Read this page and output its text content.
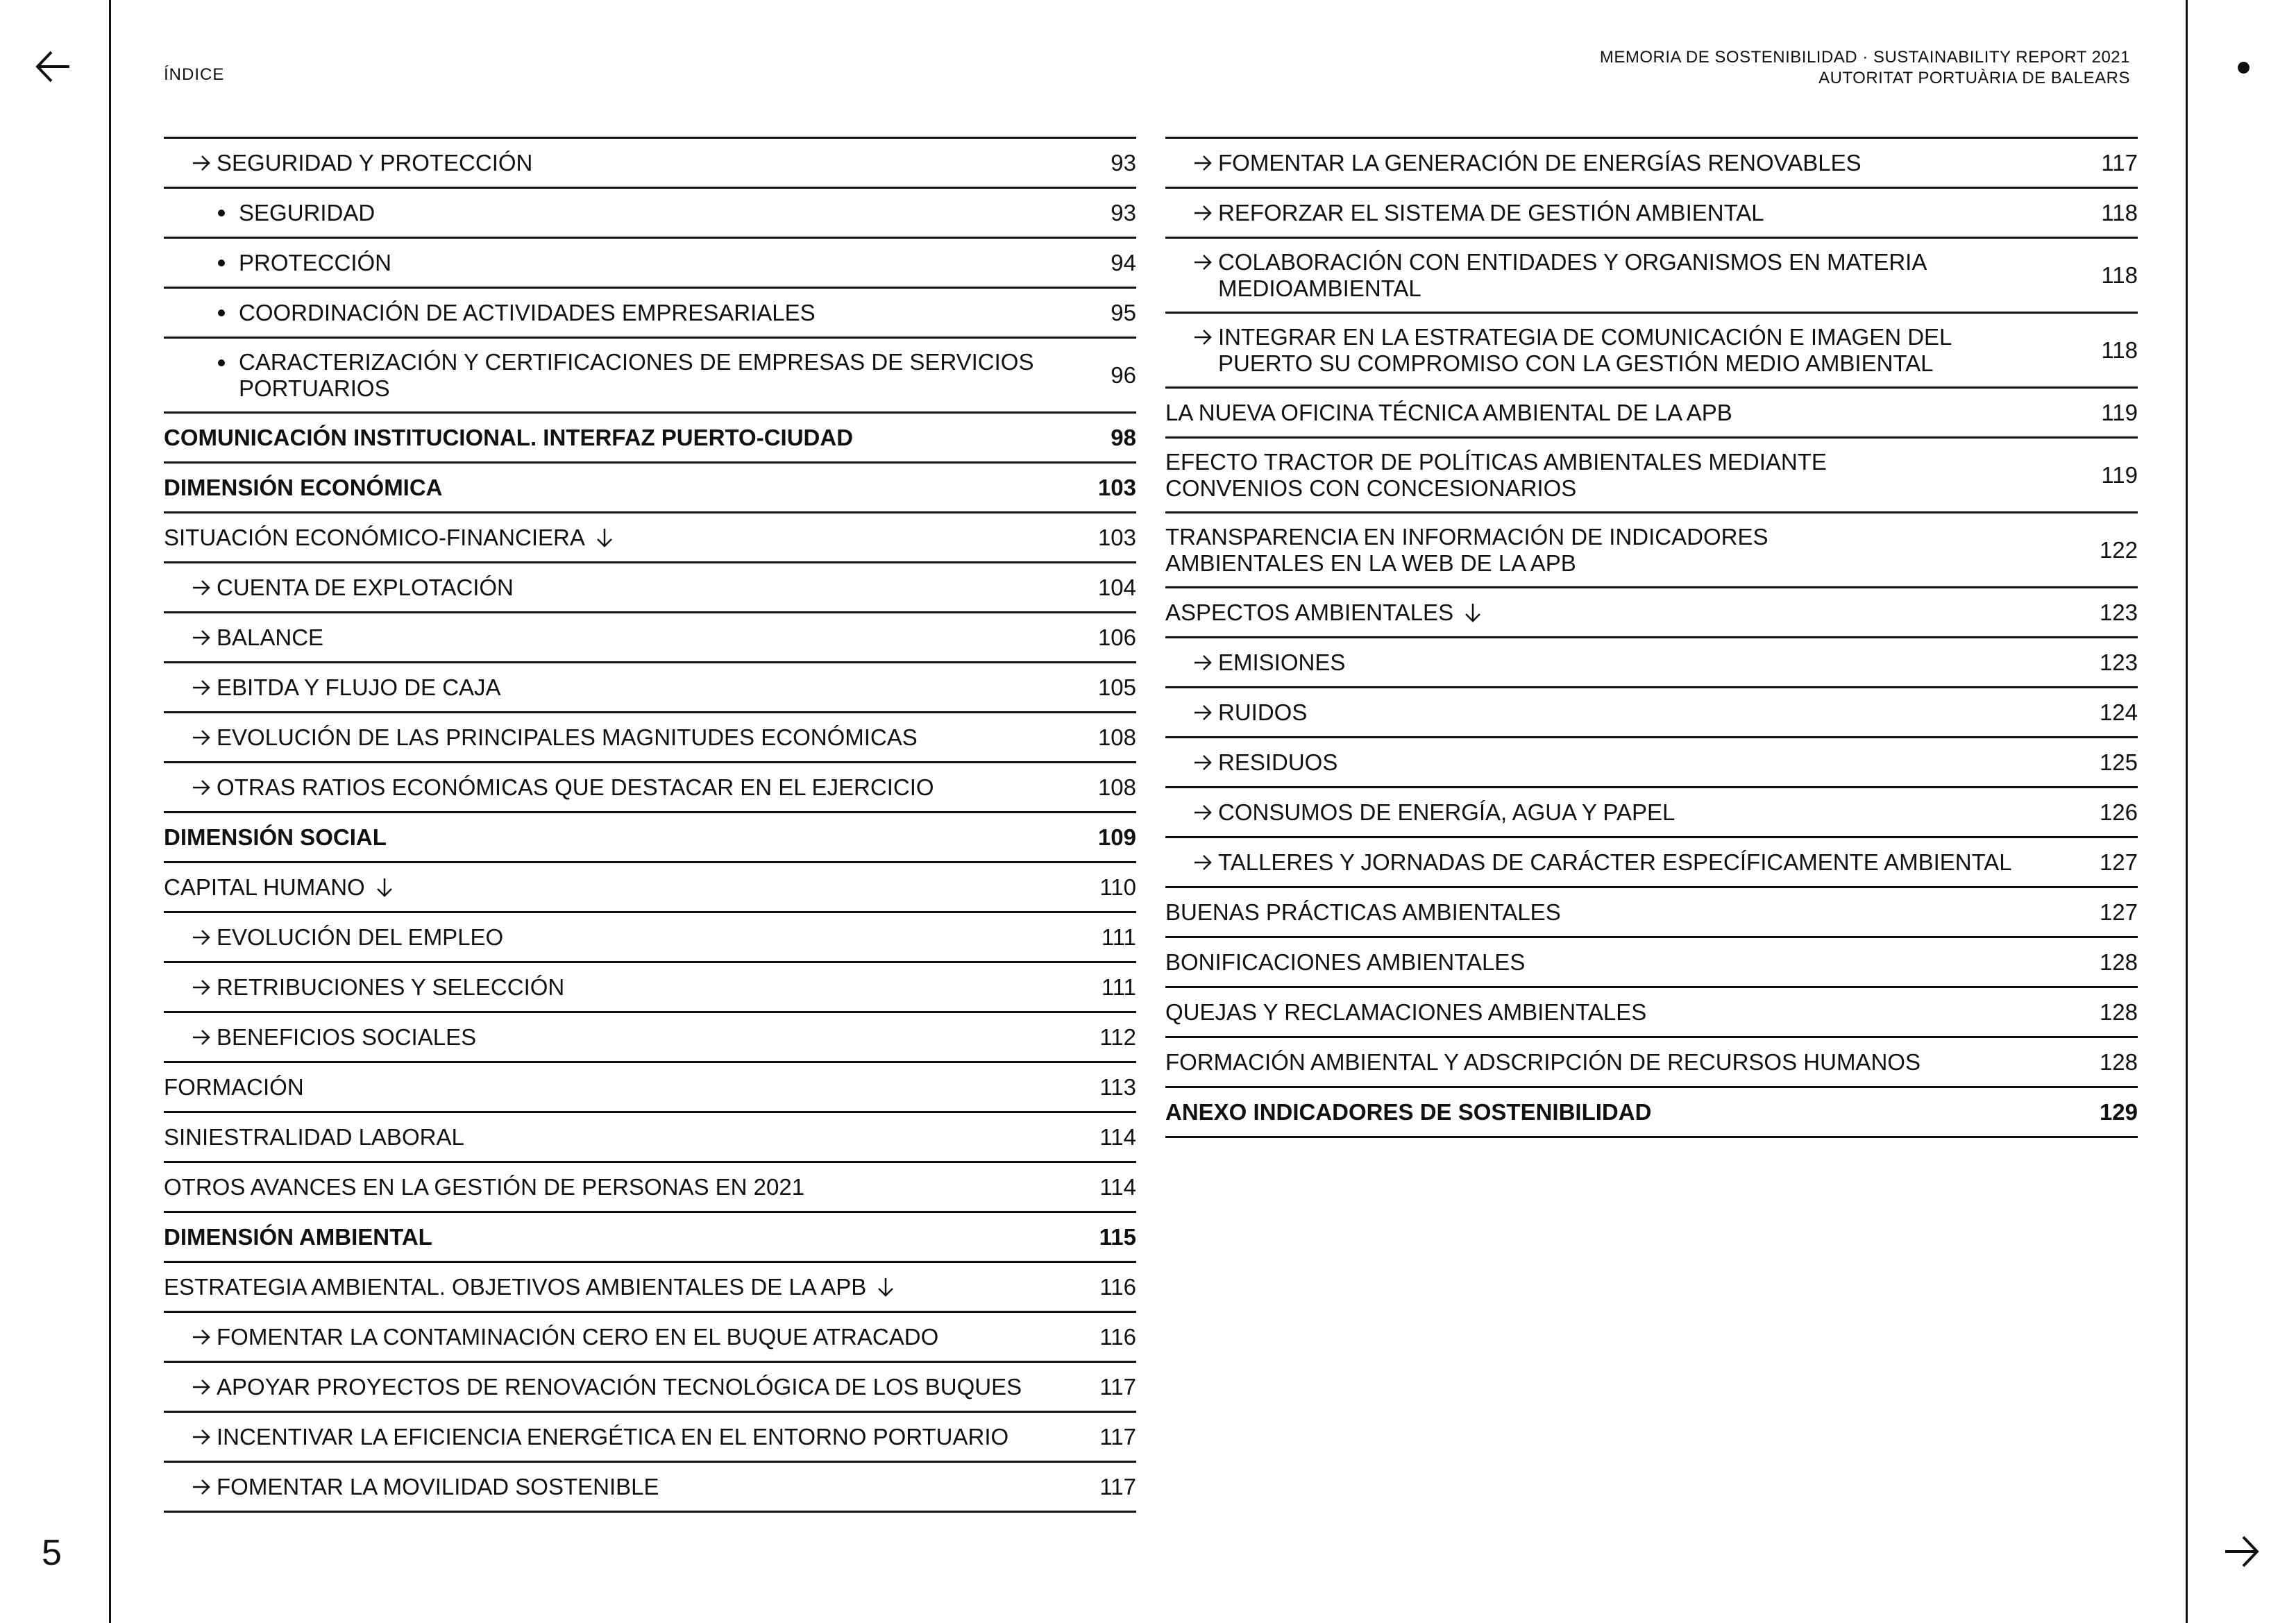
5
ÍNDICE
MEMORIA DE SOSTENIBILIDAD · SUSTAINABILITY REPORT 2021
AUTORITAT PORTUÀRIA DE BALEARS
SEGURIDAD Y PROTECCIÓN	93
SEGURIDAD	93
PROTECCIÓN	94
COORDINACIÓN DE ACTIVIDADES EMPRESARIALES	95
CARACTERIZACIÓN Y CERTIFICACIONES DE EMPRESAS DE SERVICIOS PORTUARIOS
96
COMUNICACIÓN INSTITUCIONAL. INTERFAZ PUERTO-CIUDAD	98
DIMENSIÓN ECONÓMICA	103
SITUACIÓN ECONÓMICO-FINANCIERA	103
CUENTA DE EXPLOTACIÓN	104
BALANCE	106
EBITDA Y FLUJO DE CAJA	105
EVOLUCIÓN DE LAS PRINCIPALES MAGNITUDES ECONÓMICAS	108
OTRAS RATIOS ECONÓMICAS QUE DESTACAR EN EL EJERCICIO	108
DIMENSIÓN SOCIAL	109
CAPITAL HUMANO	110
EVOLUCIÓN DEL EMPLEO	111
RETRIBUCIONES Y SELECCIÓN	111
BENEFICIOS SOCIALES	112
FORMACIÓN	113
SINIESTRALIDAD LABORAL	114
OTROS AVANCES EN LA GESTIÓN DE PERSONAS EN 2021	114
DIMENSIÓN AMBIENTAL	115
ESTRATEGIA AMBIENTAL. OBJETIVOS AMBIENTALES DE LA APB	116
FOMENTAR LA CONTAMINACIÓN CERO EN EL BUQUE ATRACADO	116
APOYAR PROYECTOS DE RENOVACIÓN TECNOLÓGICA DE LOS BUQUES	117
INCENTIVAR LA EFICIENCIA ENERGÉTICA EN EL ENTORNO PORTUARIO	117
FOMENTAR LA MOVILIDAD SOSTENIBLE	117
FOMENTAR LA GENERACIÓN DE ENERGÍAS RENOVABLES	117
REFORZAR EL SISTEMA DE GESTIÓN AMBIENTAL	118
COLABORACIÓN CON ENTIDADES Y ORGANISMOS EN MATERIA MEDIOAMBIENTAL
118
INTEGRAR EN LA ESTRATEGIA DE COMUNICACIÓN E IMAGEN DEL PUERTO SU COMPROMISO CON LA GESTIÓN MEDIO AMBIENTAL
118
LA NUEVA OFICINA TÉCNICA AMBIENTAL DE LA APB	119
EFECTO TRACTOR DE POLÍTICAS AMBIENTALES MEDIANTE CONVENIOS CON CONCESIONARIOS
119
TRANSPARENCIA EN INFORMACIÓN DE INDICADORES AMBIENTALES EN LA WEB DE LA APB
122
ASPECTOS AMBIENTALES	123
EMISIONES	123
RUIDOS	124
RESIDUOS	125
CONSUMOS DE ENERGÍA, AGUA Y PAPEL	126
TALLERES Y JORNADAS DE CARÁCTER ESPECÍFICAMENTE AMBIENTAL	127
BUENAS PRÁCTICAS AMBIENTALES	127
BONIFICACIONES AMBIENTALES	128
QUEJAS Y RECLAMACIONES AMBIENTALES	128
FORMACIÓN AMBIENTAL Y ADSCRIPCIÓN DE RECURSOS HUMANOS	128
ANEXO INDICADORES DE SOSTENIBILIDAD	129
